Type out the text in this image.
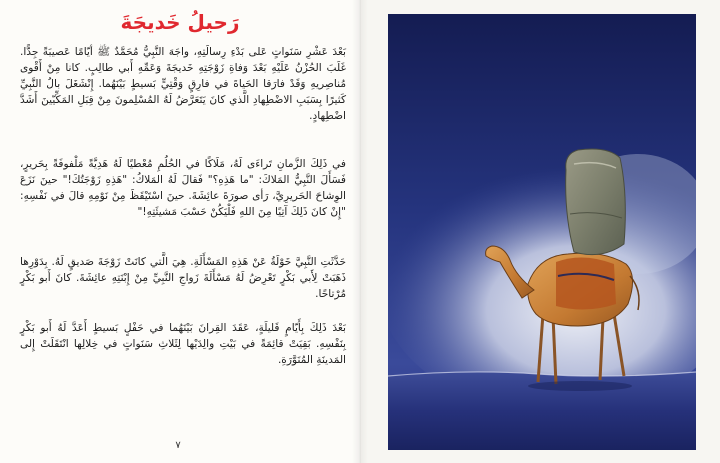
رَحيلُ خَديجَةَ
بَعْدَ عَشْرِ سَنَواتٍ عَلى بَدْءِ رِسالَتِهِ، واجَهَ النَّبِيُّ مُحَمَّدٌ ﷺ أيّامًا عَصيبَةً جِدًّا. غَلَبَ الحُزْنُ عَلَيْهِ بَعْدَ وَفاةِ زَوْجَتِهِ خَديجَةَ وَعَمِّهِ أَبي طالِبٍ. كانا مِنْ أَقْوى مُناصِريهِ وَقَدْ فارَقا الحَياةَ في فارِقٍ وَقْتِيٍّ بَسيطٍ بَيْنَهُما. إِنْشَغَلَ بالُ النَّبِيِّ كَثيرًا بِسَبَبِ الاضْطِهادِ الَّذي كانَ يَتَعَرَّضُ لَهُ المُسْلِمونَ مِنْ قِبَلِ المَكِّيّينَ أَشَدَّ اضْطِهادٍ.
في ذَلِكَ الزَّمانِ تَراءَى لَهُ، مَلَاكًا في الحُلُمِ مُعْطيًا لَهُ هَدِيَّةً مَلْفوفَةً بِحَريرٍ، فَسَأَلَ النَّبِيُّ المَلاكَ: "ما هَذِهِ؟" فَقالَ لَهُ المَلاكُ: "هَذِهِ زَوْجَتُكَ!" حينَ نَزَعَ الوِشاحَ الحَريرِيَّ، رَأى صورَةَ عائِشَةَ. حينَ اسْتَيْقَظَ مِنْ نَوْمِهِ قالَ في نَفْسِهِ: "إِنْ كانَ ذَلِكَ آتِيًا مِنَ اللهِ فَلْيَكُنْ حَسْبَ مَشيئَتِهِ!"
حَدَّثَتِ النَّبِيَّ خَوْلَةُ عَنْ هَذِهِ المَسْأَلَةِ. هِيَ الَّتي كانَتْ زَوْجَةَ صَديقٍ لَهُ. بِدَوْرِها ذَهَبَتْ لِأَبي بَكْرٍ تَعْرِضُ لَهُ مَسْأَلَةَ زَواجِ النَّبِيِّ مِنْ إِبْنَتِهِ عائِشَةَ. كانَ أَبو بَكْرٍ مُرْتاحًا.
بَعْدَ ذَلِكَ بِأَيّامٍ قَليلَةٍ، عَقَدَ القِرانَ بَيْنَهُما في حَفْلٍ بَسيطٍ أَعَدَّ لَهُ أَبو بَكْرٍ بِنَفْسِهِ. بَقِيَتْ قائِمَةً في بَيْتِ والِدَيْها لِثَلاثِ سَنَواتٍ في خِلالِها انْتَقَلَتْ إِلى المَدينَةِ المُنَوَّرَةِ.
٧
